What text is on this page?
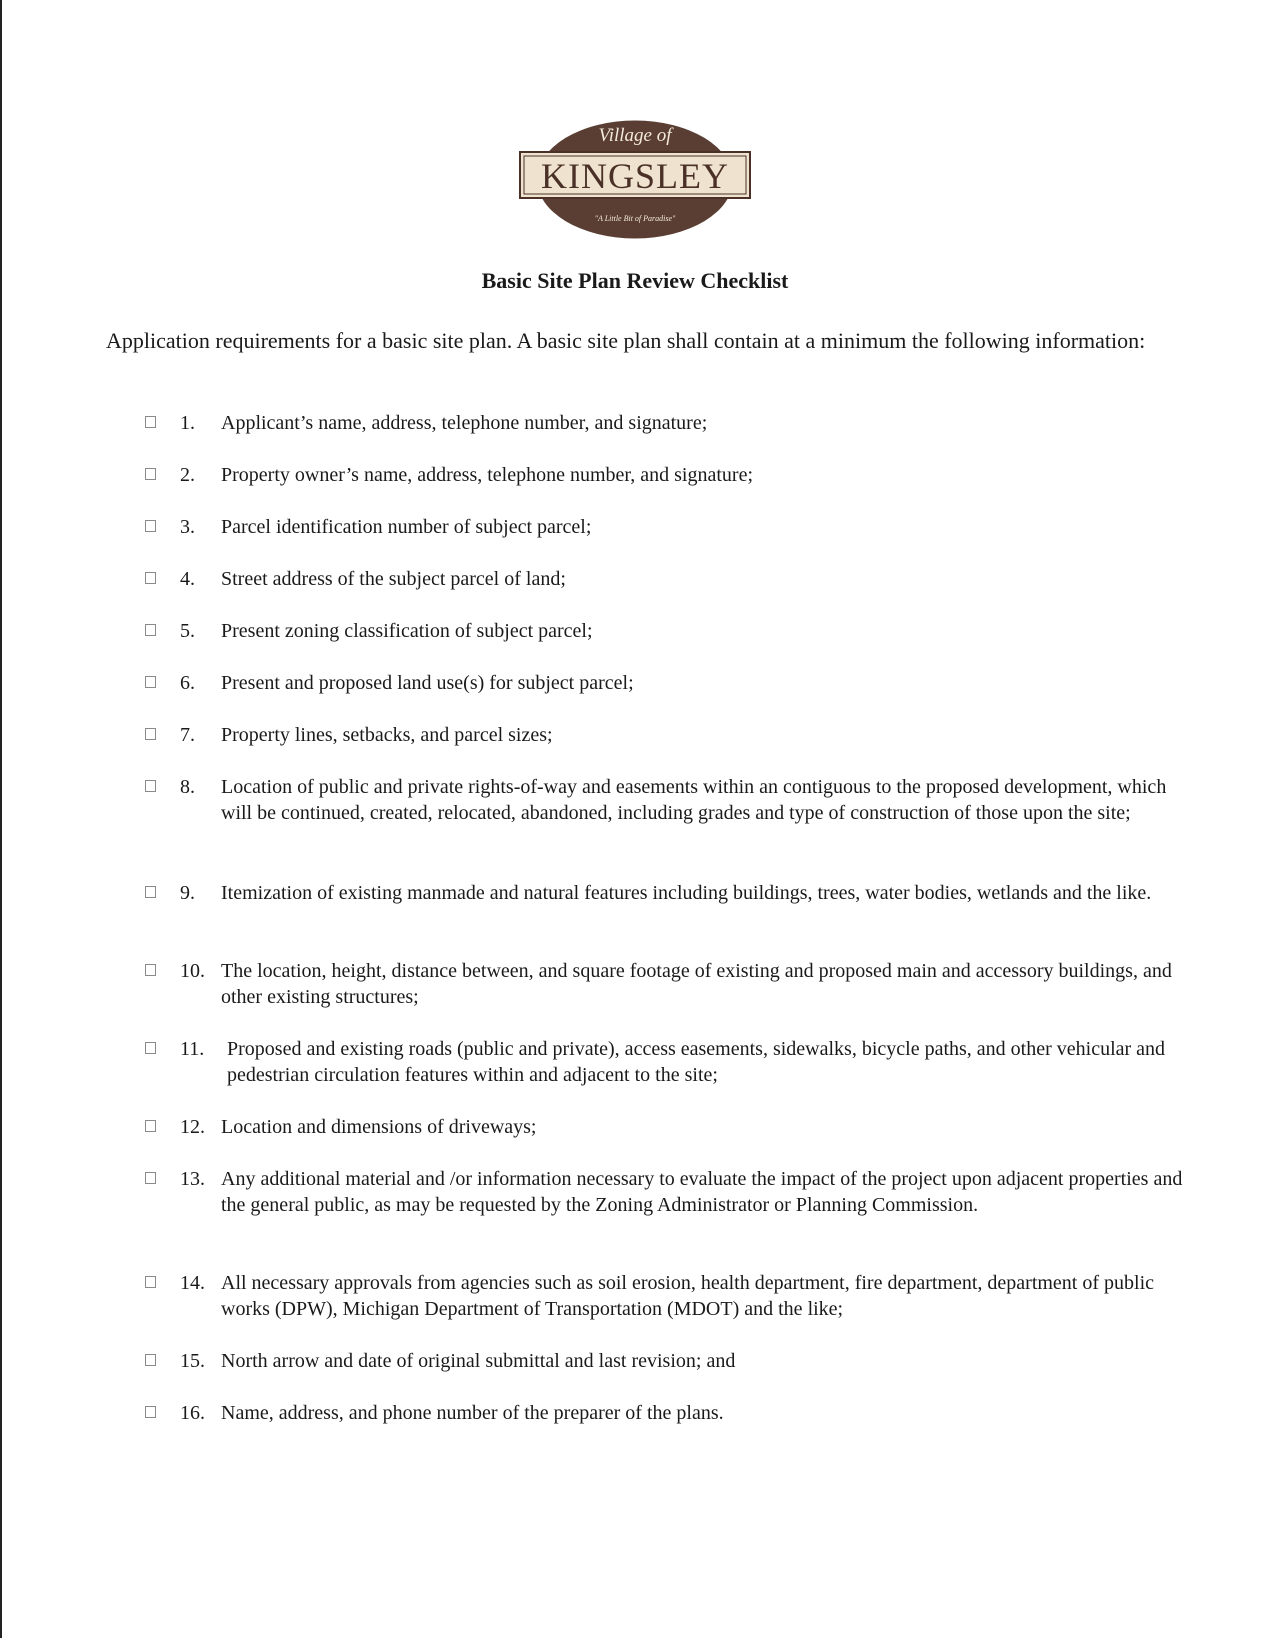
Village of
KINGSLEY
"A Little Bit of Paradise"
Basic Site Plan Review Checklist
Application requirements for a basic site plan. A basic site plan shall contain at a minimum the following information:
1. Applicant’s name, address, telephone number, and signature;
2. Property owner’s name, address, telephone number, and signature;
3. Parcel identification number of subject parcel;
4. Street address of the subject parcel of land;
5. Present zoning classification of subject parcel;
6. Present and proposed land use(s) for subject parcel;
7. Property lines, setbacks, and parcel sizes;
8. Location of public and private rights-of-way and easements within an contiguous to the proposed development, which will be continued, created, relocated, abandoned, including grades and type of construction of those upon the site;
9. Itemization of existing manmade and natural features including buildings, trees, water bodies, wetlands and the like.
10. The location, height, distance between, and square footage of existing and proposed main and accessory buildings, and other existing structures;
11. Proposed and existing roads (public and private), access easements, sidewalks, bicycle paths, and other vehicular and pedestrian circulation features within and adjacent to the site;
12. Location and dimensions of driveways;
13. Any additional material and /or information necessary to evaluate the impact of the project upon adjacent properties and the general public, as may be requested by the Zoning Administrator or Planning Commission.
14. All necessary approvals from agencies such as soil erosion, health department, fire department, department of public works (DPW), Michigan Department of Transportation (MDOT) and the like;
15. North arrow and date of original submittal and last revision; and
16. Name, address, and phone number of the preparer of the plans.
